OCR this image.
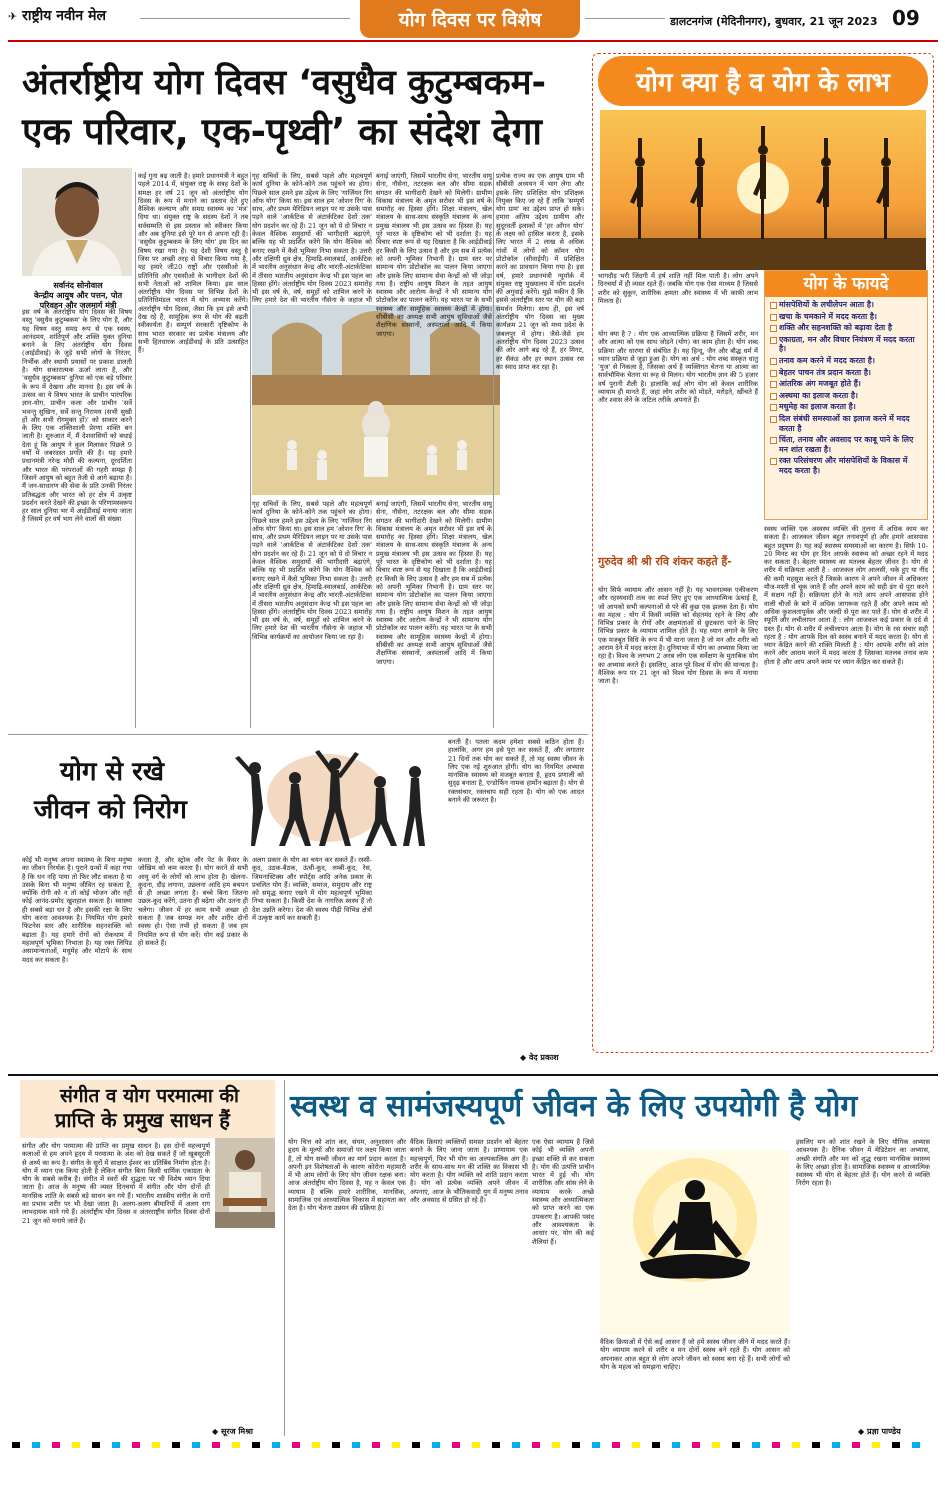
✈ राष्ट्रीय नवीन मेल	योग दिवस पर विशेष	डालटनगंज (मेदिनीनगर), बुधवार, 21 जून 2023 09
अंतर्राष्ट्रीय योग दिवस ‘वसुधैव कुटुम्बकम-
एक परिवार, एक-पृथ्वी’ का संदेश देगा
सर्वानंद सोनोवाल
केन्द्रीय आयुष और पत्तन, पोत
परिवहन और जलमार्ग मंत्री
इस वर्ष के अंतर्राष्ट्रीय योग दिवस की विषय वस्तु 'वसुधैव कुटुम्बकम' के लिए योग है, और यह विषय वस्तु समग्र रूप से एक स्वस्थ, आनंदमय, शांतिपूर्ण और शक्ति युक्त दुनिया बनाने के लिए अंतर्राष्ट्रीय योग दिवस (आईडीवाई) के जुड़े सभी लोगों के निरंतर, निर्भीक और स्थायी प्रयासों पर प्रकाश डालती है। योग सकारात्मक ऊर्जा लाता है, और 'वसुधैव कुटुम्बकम' दुनिया को एक बड़े परिवार के रूप में देखना और मानना है। इस वर्ष के उत्सव का ये विषय भारत के प्राचीन पारंपरिक ज्ञान-योग, प्राचीन कला और प्राचीन 'सर्वे भवन्तु सुखिनः, सर्वे सन्तु निरामय (सभी सुखी हों और सभी रोगमुक्त हों)' को साकार करने के लिए एक शक्तिशाली प्रेरणा शक्ति बन जाती है। शुरुआत में, मैं देशवासियों को बधाई देता हूं कि आयुष ने कुल मिलाकर पिछले 9 वर्षों में जबरदस्त प्रगति की है। यह हमारे प्रधानमंत्री नरेन्द्र मोदी की कल्पना, दूरदर्शिता और भारत की परंपराओं की गहरी समझ है जिसने आयुष को बहुत तेजी से आगे बढ़ाया है। मैं जन-साधारण की सेवा के प्रति उनकी निरंतर प्रतिबद्धता और भारत को हर क्षेत्र में उत्कृष्ट प्रदर्शन करते देखने की इच्छा के परिणामस्वरूप हर साल दुनिया भर में आईडीवाई मनाया जाता है जिसमें हर वर्ष भाग लेने वालों की संख्या
कई गुना बढ़ जाती है। हमारे प्रधानमंत्री ने बहुत पहले 2014 में, संयुक्त राष्ट्र के सत्रह देशों के समक्ष हर वर्ष 21 जून को अंतर्राष्ट्रीय योग दिवस के रूप में मनाने का प्रस्ताव देते हुए वैश्विक कल्याण और समग्र स्वास्थ्य का 'मंत्र' दिया था। संयुक्त राष्ट्र के सदस्य देशों ने तब सर्वसम्मति से इस प्रस्ताव को स्वीकार किया और अब दुनिया इसे पूरे मन से अपना रही है। 'वसुधैव कुटुम्बकम के लिए योग' इस दिन का विषय रखा गया है। यह देशी विषय वस्तु है जिस पर अच्छी तरह से विचार किया गया है, यह हमारे जी20 राष्ट्रों और एससीओ के प्रतिनिधि और एससीओ के भागीदार देशों की सभी नेताओं को शामिल किया। इस साल अंतर्राष्ट्रीय योग दिवस पर विभिन्न देशों के प्रतिनिधिमंडल भारत में योग अभ्यास करेंगे। अंतर्राष्ट्रीय योग दिवस, जैसा कि हम इसे अभी देख रहे हैं, सामूहिक रूप से योग की बढ़ती स्वीकार्यता है। सम्पूर्ण सरकारी दृष्टिकोण के साथ भारत सरकार का प्रत्येक मंत्रालय और सभी हितधारक आईडीवाई के प्रति उत्साहित हैं।
गृह सचिवों के लिए, सबसे पहले और महत्वपूर्ण कार्य दुनिया के कोने-कोने तक पहुंचने का होगा। पिछले साल हमने इस उद्देश्य के लिए 'गार्जियन रिंग ऑफ योग' किया था। इस साल हम 'ओशन रिंग' के साथ, और प्रथम मेरिडियन लाइन पर या उसके पास पड़ने वाले 'आर्कटिक से अंटार्कटिका देशों तक' योग प्रदर्शन कर रहे हैं। 21 जून को ये दो विचार न केवल वैश्विक समुदायों की भागीदारी बढ़ाएंगे, बल्कि यह भी प्रदर्शित करेंगे कि योग वैश्विक को बनाए रखने में कैसे भूमिका निभा सकता है। उत्तरी और दक्षिणी ध्रुव क्षेत्र, हिमाद्रि-स्वालबार्ड, आर्कटिक में भारतीय अनुसंधान केन्द्र और भारती-अंटार्कटिका में तीसरा भारतीय अनुसंधान केन्द्र भी इस पहल का हिस्सा होंगे। अंतर्राष्ट्रीय योग दिवस 2023 समारोह भी इस वर्ष के, वर्ष, समूहों को शामिल करने के लिए हमारे देश की भारतीय नौसेना के जहाज भी
बनाई जाएंगी, जिसमें भारतीय सेना, भारतीय वायु सेना, नौसेना, तटरक्षक बल और सीमा सड़क संगठन की भागीदारी देखने को मिलेगी। ग्रामीण विकास मंत्रालय के अमृत सरोवर भी इस वर्ष के समारोह का हिस्सा होंगे। शिक्षा मंत्रालय, खेल मंत्रालय के साथ-साथ संस्कृति मंत्रालय के अन्य प्रमुख मंत्रालय भी इस उत्सव का हिस्सा हैं। यह पूरे भारत के दृष्टिकोण को भी दर्शाता है। यह विचार स्पष्ट रूप से यह दिखाता है कि आईडीवाई हर किसी के लिए उत्सव है और हम सब में प्रत्येक को अपनी भूमिका निभानी है। ग्राम स्तर पर सामान्य योग प्रोटोकॉल का पालन किया जाएगा और इसके लिए सामान्य सेवा केन्द्रों को भी जोड़ा गया है। राष्ट्रीय आयुष मिशन के तहत आयुष स्वास्थ्य और आरोग्य केन्द्रों ने भी सामान्य योग प्रोटोकॉल का पालन करेंगे। यह भारत पर के सभी स्वास्थ्य और सामूहिक स्वास्थ्य केन्द्रों में होगा। सीबीसी का अध्यक्ष सभी आयुष सुविधाओं जैसे शैक्षणिक संस्थानों, अस्पतालों आदि में किया जाएगा।
प्रत्येक राज्य का एक आयुष ग्राम भी सीबीसी अध्ययन में भाग लेगा और इसके लिए प्रशिक्षित योग प्रशिक्षक नियुक्त किए जा रहे हैं ताकि 'सम्पूर्ण योग ग्राम' का उद्देश्य प्राप्त हो सके। हमारा अंतिम उद्देश्य ग्रामीण और सुदूरवर्ती इलाकों में 'हर आँगन योग' के लक्ष्य को हासिल करना है, इसके लिए भारत में 2 लाख से अधिक गांवों में लोगों को कॉमन योग प्रोटोकॉल (सीवाईपी) में प्रशिक्षित करने का प्रावधान किया गया है। इस वर्ष, हमारे प्रधानमंत्री न्यूयॉर्क में संयुक्त राष्ट्र मुख्यालय में योग प्रदर्शन की अगुवाई करेंगे। मुझे यकीन है कि इससे अंतर्राष्ट्रीय स्तर पर योग की बड़ा समर्थन मिलेगा। साथ ही, इस वर्ष अंतर्राष्ट्रीय योग दिवस का मुख्य कार्यक्रम 21 जून को मध्य प्रदेश के जबलपुर में होगा। जैसे-जैसे हम अंतर्राष्ट्रीय योग दिवस 2023 उत्सव की ओर आगे बढ़ रहे हैं, हर मिनट, हर सैकंड और हर स्थान उत्सव रस का स्वाद प्राप्त कर रहा है।
गृह सचिवों के लिए, सबसे पहले और महत्वपूर्ण कार्य दुनिया के कोने-कोने तक पहुंचने का होगा। पिछले साल हमने इस उद्देश्य के लिए 'गार्जियन रिंग ऑफ योग' किया था। इस साल हम 'ओशन रिंग' के साथ, और प्रथम मेरिडियन लाइन पर या उसके पास पड़ने वाले 'आर्कटिक से अंटार्कटिका देशों तक' योग प्रदर्शन कर रहे हैं। 21 जून को ये दो विचार न केवल वैश्विक समुदायों की भागीदारी बढ़ाएंगे, बल्कि यह भी प्रदर्शित करेंगे कि योग वैश्विक को बनाए रखने में कैसे भूमिका निभा सकता है। उत्तरी और दक्षिणी ध्रुव क्षेत्र, हिमाद्रि-स्वालबार्ड, आर्कटिक में भारतीय अनुसंधान केन्द्र और भारती-अंटार्कटिका में तीसरा भारतीय अनुसंधान केन्द्र भी इस पहल का हिस्सा होंगे। अंतर्राष्ट्रीय योग दिवस 2023 समारोह भी इस वर्ष के, वर्ष, समूहों को शामिल करने के लिए हमारे देश की भारतीय नौसेना के जहाज भी विभिन्न कार्यक्रमों का आयोजन किया जा रहा है।
बनाई जाएंगी, जिसमें भारतीय सेना, भारतीय वायु सेना, नौसेना, तटरक्षक बल और सीमा सड़क संगठन की भागीदारी देखने को मिलेगी। ग्रामीण विकास मंत्रालय के अमृत सरोवर भी इस वर्ष के समारोह का हिस्सा होंगे। शिक्षा मंत्रालय, खेल मंत्रालय के साथ-साथ संस्कृति मंत्रालय के अन्य प्रमुख मंत्रालय भी इस उत्सव का हिस्सा हैं। यह पूरे भारत के दृष्टिकोण को भी दर्शाता है। यह विचार स्पष्ट रूप से यह दिखाता है कि आईडीवाई हर किसी के लिए उत्सव है और हम सब में प्रत्येक को अपनी भूमिका निभानी है। ग्राम स्तर पर सामान्य योग प्रोटोकॉल का पालन किया जाएगा और इसके लिए सामान्य सेवा केन्द्रों को भी जोड़ा गया है। राष्ट्रीय आयुष मिशन के तहत आयुष स्वास्थ्य और आरोग्य केन्द्रों ने भी सामान्य योग प्रोटोकॉल का पालन करेंगे। यह भारत पर के सभी स्वास्थ्य और सामूहिक स्वास्थ्य केन्द्रों में होगा। सीबीसी का अध्यक्ष सभी आयुष सुविधाओं जैसे शैक्षणिक संस्थानों, अस्पतालों आदि में किया जाएगा।
योग क्या है व योग के लाभ
भागदौड़ भरी जिंदगी में हर्ष शांति नहीं मिल पाती है। लोग अपने दिनचर्या में ही व्यस्त रहते हैं। जबकि योग एक ऐसा माध्यम है जिससे शरीर को सुकून, शारीरिक क्षमता और स्वास्थ्य में भी काफी लाभ मिलता है।
योग क्या है ? : योग एक आध्यात्मिक प्रक्रिया है जिसमें शरीर, मन और आत्मा को एक साथ जोड़ने (योग) का काम होता है। योग शब्द प्रक्रिया और धारणा से संबंधित है। यह हिन्दू, जैन और बौद्ध धर्म में ध्यान प्रक्रिया से जुड़ा हुआ है। योग का अर्थ : योग शब्द संस्कृत धातु 'युज' से निकला है, जिसका अर्थ है व्यक्तिगत चेतना या आत्मा का सार्वभौमिक चेतना या रूह से मिलन। योग भारतीय ज्ञान की 5 हजार वर्ष पुरानी शैली है। हालांकि कई लोग योग को केवल शारीरिक व्यायाम ही मानते हैं, जहां लोग शरीर को मोड़ते, मरोड़ते, खींचते हैं और श्वास लेने के जटिल तरीके अपनाते हैं।
गुरुदेव श्री श्री रवि शंकर कहते हैं-
योग सिर्फ व्यायाम और आसन नहीं है। यह भावनात्मक एकीकरण और रहस्यवादी तत्व का स्पर्श लिए हुए एक आध्यात्मिक ऊंचाई है, जो आपको सभी कल्पनाओं से परे की कुछ एक झलक देता है। योग का महत्व : योग में किसी व्यक्ति को सेहतमंद रहने के लिए और विभिन्न प्रकार के रोगों और अक्षमताओं से छुटकारा पाने के लिए विभिन्न प्रकार के व्यायाम शामिल होते हैं। यह ध्यान लगाने के लिए एक मजबूत विधि के रूप में भी माना जाता है जो मन और शरीर को आराम देने में मदद करता है। दुनियाभर में योग का अभ्यास किया जा रहा है। विश्व के लगभग 2 अरब लोग एक सर्वेक्षण के मुताबिक योग का अभ्यास करते हैं। इसलिए, आज पूरे विश्व में योग की मान्यता है। वैश्विक रूप पर 21 जून को विश्व योग दिवस के रूप में मनाया जाता है।
योग के फायदे
मांसपेशियों के लचीलेपन आता है।
खचा के चमकाने में मदद करता है।
शक्ति और सहनशक्ति को बढ़ावा देता है
एकाग्रता, मन और विचार नियंत्रण में मदद करता है।
तनाव कम करने में मदद करता है।
बेहतर पाचन तंत्र प्रदान करता है।
आंतरिक अंग मजबूत होते हैं।
अस्थमा का इलाज करता है।
मधुमेह का इलाज करता है।
दिल संबंधी समस्याओं का इलाज करने में मदद करता है
चिंता, तनाव और अवसाद पर काबू पाने के लिए मन शांत रखता है।
रक्त परिसंचरण और मांसपेशियों के विकास में मदद करता है।
स्वस्थ व्यक्ति एक अस्वस्थ व्यक्ति की तुलना में अधिक काम कर सकता है। आजकल जीवन बहुत तनावपूर्ण हो और हमारे आसपास बहुत प्रदूषण है। यह कई स्वास्थ्य समस्याओं का कारण है। सिर्फ 10-20 मिनट का योग हर दिन आपके स्वास्थ्य को अच्छा रहने में मदद कर सकता है। बेहतर स्वास्थ्य का मतलब बेहतर जीवन है। योग से शरीर में सक्रियता आती है : आजकल लोग आलसी, थके हुए या नींद की कमी महसूस करते हैं जिसके कारण वे अपने जीवन में अधिकतर मौज-मस्ती से चूक जाते हैं और अपने काम को सही ढंग से पूरा करने में सक्षम नहीं हैं। सक्रियता होने के नाते आप अपने आसपास होने वाली चीजों के बारे में अधिक जागरूक रहते हैं और अपने काम को अधिक कुशलतापूर्वक और जल्दी से पूरा कर पाते हैं। योग से शरीर में स्फूर्ति और लचीलापन आता है : लोग आजकल कई प्रकार के दर्द से ग्रस्त हैं। योग से शरीर में लचीलापन आता है। योग के रस संचार सही रहता है : योग आपके दिल को स्वस्थ बनाने में मदद करता है। योग से ध्यान केंद्रित करने की शक्ति मिलती है : योग आपके शरीर को शांत करने और आराम करने में मदद करता है जिसका मतलब तनाव कम होता है और आप अपने काम पर ध्यान केंद्रित कर सकते हैं।
योग से रखे
जीवन को निरोग
कोई भी मनुष्य अपना स्वास्थ्य के बिना मनुष्य का जीवन निरर्थक है। पुराने ग्रन्थों में कहा गया है कि धन नहि पाया तो फिर लौट सकता है या उसके बिना भी मनुष्य जीवित रह सकता है, क्योंकि रोगी को न तो कोई भोजन और नहीं कोई आनंद-प्रमोद खुशहाल सकता है। स्वास्थ्य ही सबसे बड़ा धन है और इसकी रक्षा के लिए योग करना आवश्यक है। नियमित योग हमारे फिटनेस स्तर और शारीरिक सहनशक्ति को बढ़ाता है। यह हमारे रोगों को रोकथाम में महत्वपूर्ण भूमिका निभाता है। यह रक्त लिपिड असामान्यताओं, मधुमेह और मोटापे के साथ मदद कर सकता है।
करता है, और स्ट्रोक और पेट के कैंसर के जोखिम को कम करता है। योग करने से सभी आयु वर्ग के लोगों को लाभ होता है। खेलना-कूदना, दौड़ लगाना, उछलना आदि हम बचपन से ही अच्छा लगता है। बच्चे बिना जितना उछल-कूद करेंगे, उतना ही बढ़ेगा और उतना ही चलेगा। जीवन में हर काम सभी अच्छा हो सकता है जब सम्पन्न मन और शरीर दोनों स्वस्थ हो। ऐसा तभी हो सकता है जब हम नियमित रूप से योग करें। योग कई प्रकार के हो सकते हैं।
अलग प्रकार के योग का चयन कर सकते हैं। रस्सी-कूद, उठक-बैठक, ऊंची-कूद, लम्बी-कूद, रेस, जिमनास्टिक्स और स्पोर्ट्स आदि अनेक प्रकार के प्रचलित योग हैं। व्यक्ति, समाज, समुदाय और राष्ट्र को समृद्ध बनाए रखने में योग महत्वपूर्ण भूमिका निभा सकता है। किसी देश के नागरिक स्वस्थ हैं तो देश उन्नति करेगा। देश की स्वस्थ पीढ़ी विभिन्न क्षेत्रों में उत्कृष्ट कार्य कर सकती है।
बनती है। पतला कदम हमेशा सबसे कठिन होता है। हालांकि, अगर हम इसे पूरा कर सकते हैं, और लगातार 21 दिनों तक योग कर सकते हैं, तो यह स्वस्थ जीवन के लिए एक नई शुरुआत होगी। योग का नियमित अभ्यास मानसिक स्वास्थ्य को मजबूत बनाता है, हृदय प्रणाली को सुदृढ़ बनाता है, एन्डोर्फिन नामक हार्मोन बढ़ाता है। योग से रक्तसंचार, रक्तचाप सही रहता है। योग को एक आदत बनाने की जरूरत है।
◆ वेद प्रकाश
संगीत व योग परमात्मा की
प्राप्ति के प्रमुख साधन हैं
संगीत और योग परमात्मा की प्राप्ति का प्रमुख साधन है। इस दोनों महत्त्वपूर्ण कलाओं से हम अपने हृदय में परमात्मा के अंश को देख सकते हैं जो खूबसूरती से अर्थ्य का रूप है। संगीत के सुरों में साक्षात ईश्वर का प्रतिबिंब निर्माण होता है। योग में ध्यान एक किया होती है लेकिन संगीत बिना किसी धार्मिक एकाग्रता के योग के सबसे करीब है। संगीत में स्वरों की शुद्धता पर भी विशेष ध्यान दिया जाता है। आज के मनुष्य की व्यस्त दिनचर्या में संगीत और योग दोनों ही मानसिक शांति के सबसे बड़े साधन बन गये हैं। भारतीय शास्त्रीय संगीत के रागों का प्रभाव शरीर पर भी देखा जाता है। अलग-अलग बीमारियों में अलग राग लाभदायक माने गये हैं। अंतर्राष्ट्रीय योग दिवस व अंतरराष्ट्रीय संगीत दिवस दोनों 21 जून को मनाये जाते हैं।
◆ सूरज मिश्रा
स्वस्थ व सामंजस्यपूर्ण जीवन के लिए उपयोगी है योग
योग चित्त को शांत कर, संयम, अनुशासन और हृदय के मूल्यों और समाजों पर लक्ष्य किया जाता है, तो योग सच्ची जीवन का मार्ग प्रदान करता है। अपनी इन विशेषताओं के कारण कोरोना महामारी में भी आम लोगों के लिए योग जीवन रक्षक बना। आज अंतर्राष्ट्रीय योग दिवस है, यह न केवल एक व्यायाम है बल्कि हमारे शारीरिक, मानसिक, सामाजिक एवं आध्यात्मिक विकास में सहायता कर देता है। योग चेतना उन्नयन की प्रक्रिया है।
वैदिक क्रियाएं व्यक्तियों समस्त प्रदर्शन को बेहतर बनाने के लिए जाना जाता है। प्राणायाम एक महत्त्वपूर्ण, फिर भी योग का अल्पकालिक अंग है। शरीर के साथ-साथ मन की शक्ति का विकास भी योग करता है। योग व्यक्ति को शांति प्रदान करता है। योग को प्रत्येक व्यक्ति अपने जीवन में अपनाएं, आज के भौतिकवादी युग में मनुष्य तनाव और अवसाद से ग्रसित हो रहे हैं।
एक ऐसा व्यायाम है जिसे कोई भी व्यक्ति अपनी इच्छा शक्ति से कर सकता है। योग की उत्पत्ति प्राचीन भारत में हुई थी। योग शारीरिक और सांस लेने के व्यायाम करके अच्छे स्वास्थ्य और अध्यात्मिकता को प्राप्त करने का एक उपकरण है। आपकी पसंद और आवश्यकता के आधार पर, योग की कई शैलियां हैं।
वैदिक क्रियाओं में ऐसे कई आसन हैं जो हमें स्वस्थ जीवन जीने में मदद करते हैं। योग व्यायाम करने से शरीर व मन दोनों स्वस्थ बने रहते हैं। योग आसन को अपनाकर आज बहुत से लोग अपने जीवन को स्वस्थ बना रहे हैं। सभी लोगों को योग के महत्व को समझना चाहिए।
इसलिए मन को शांत रखने के लिए यौगिक अभ्यास आवश्यक है। दैनिक जीवन में मेडिटेशन का अभ्यास, अच्छी संगति और मन को शुद्ध रखना मानसिक स्वास्थ्य के लिए अच्छा होता है। सामाजिक स्वास्थ्य व आध्यात्मिक स्वास्थ्य भी योग से बेहतर होते हैं। योग करने से व्यक्ति निरोग रहता है।
◆ प्रज्ञा पाण्डेय
